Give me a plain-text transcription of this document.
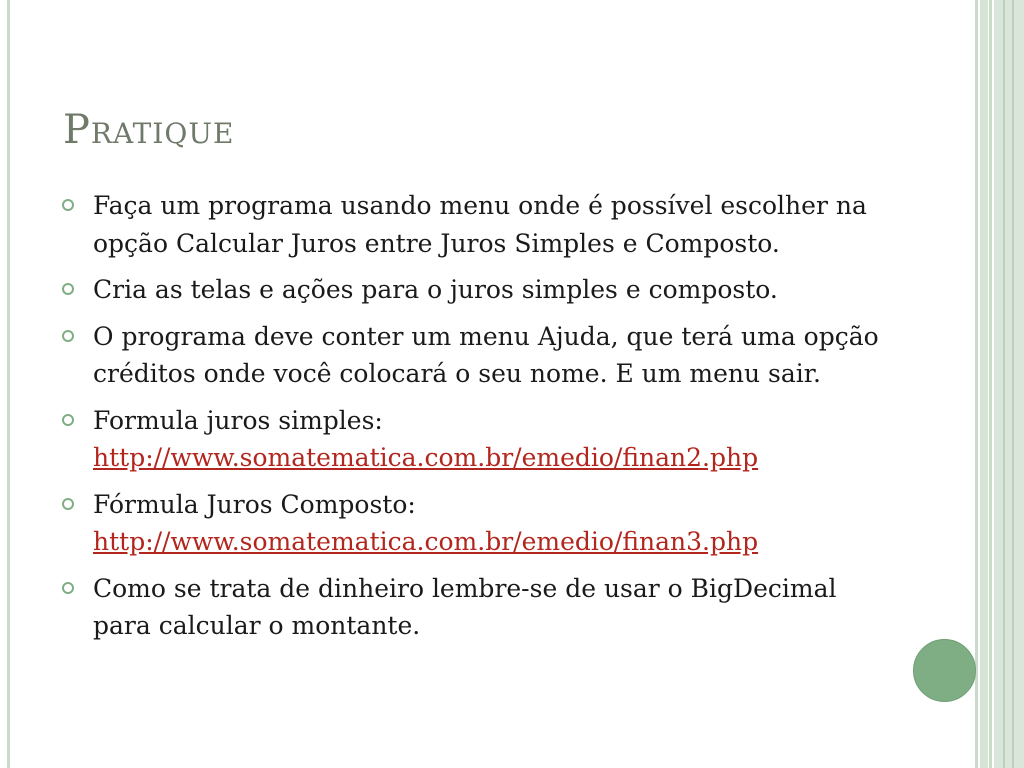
Pratique
Faça um programa usando menu onde é possível escolher na opção Calcular Juros entre Juros Simples e Composto.
Cria as telas e ações para o juros simples e composto.
O programa deve conter um menu Ajuda, que terá uma opção créditos onde você colocará o seu nome. E um menu sair.
Formula juros simples:
http://www.somatematica.com.br/emedio/finan2.php
Fórmula Juros Composto:
http://www.somatematica.com.br/emedio/finan3.php
Como se trata de dinheiro lembre-se de usar o BigDecimal para calcular o montante.
